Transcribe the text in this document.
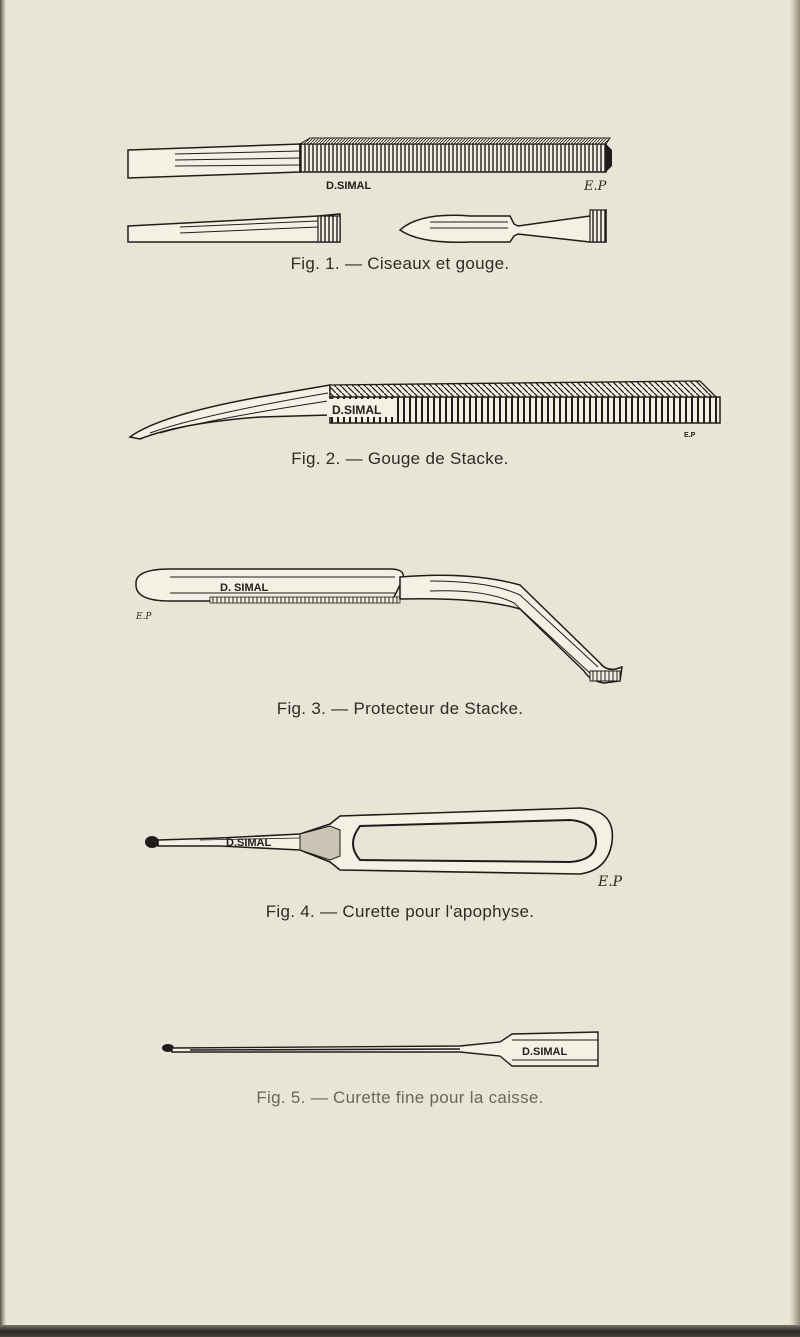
D.SIMAL	E.P
Fig. 1. — Ciseaux et gouge.
D.SIMAL
E.P
Fig. 2. — Gouge de Stacke.
D. SIMAL
E.P
Fig. 3. — Protecteur de Stacke.
D.SIMAL
E.P
Fig. 4. — Curette pour l'apophyse.
D.SIMAL
Fig. 5. — Curette fine pour la caisse.
